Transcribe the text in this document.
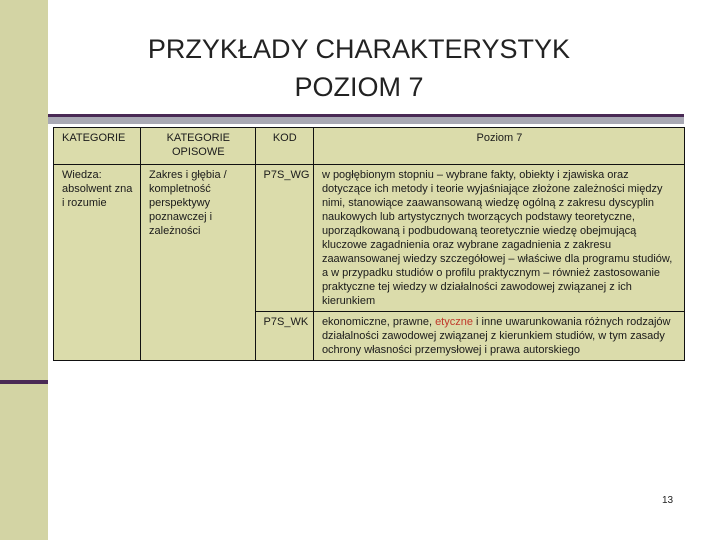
PRZYKŁADY CHARAKTERYSTYK
POZIOM 7
KATEGORIE	KATEGORIE OPISOWE	KOD	Poziom 7
Wiedza: absolwent zna i rozumie	Zakres i głębia / kompletność perspektywy poznawczej i zależności	P7S_WG	w pogłębionym stopniu – wybrane fakty, obiekty i zjawiska oraz dotyczące ich metody i teorie wyjaśniające złożone zależności między nimi, stanowiące zaawansowaną wiedzę ogólną z zakresu dyscyplin naukowych lub artystycznych tworzących podstawy teoretyczne, uporządkowaną i podbudowaną teoretycznie wiedzę obejmującą kluczowe zagadnienia oraz wybrane zagadnienia z zakresu zaawansowanej wiedzy szczegółowej – właściwe dla programu studiów, a w przypadku studiów o profilu praktycznym – również zastosowanie praktyczne tej wiedzy w działalności zawodowej związanej z ich kierunkiem
		P7S_WK	ekonomiczne, prawne, etyczne i inne uwarunkowania różnych rodzajów działalności zawodowej związanej z kierunkiem studiów, w tym zasady ochrony własności przemysłowej i prawa autorskiego
13
